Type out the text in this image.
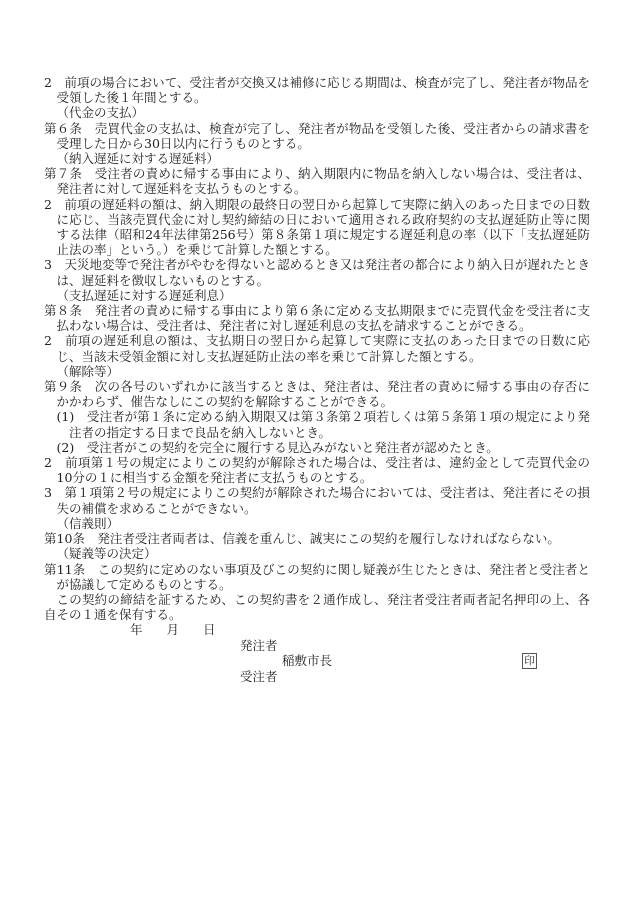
2　前項の場合において、受注者が交換又は補修に応じる期間は、検査が完了し、発注者が物品を受領した後１年間とする。

（代金の支払）

第６条　売買代金の支払は、検査が完了し、発注者が物品を受領した後、受注者からの請求書を受理した日から30日以内に行うものとする。

（納入遅延に対する遅延料）

第７条　受注者の責めに帰する事由により、納入期限内に物品を納入しない場合は、受注者は、発注者に対して遅延料を支払うものとする。

2　前項の遅延料の額は、納入期限の最終日の翌日から起算して実際に納入のあった日までの日数に応じ、当該売買代金に対し契約締結の日において適用される政府契約の支払遅延防止等に関する法律（昭和24年法律第256号）第８条第１項に規定する遅延利息の率（以下「支払遅延防止法の率」という。）を乗じて計算した額とする。

3　天災地変等で発注者がやむを得ないと認めるとき又は発注者の都合により納入日が遅れたときは、遅延料を徴収しないものとする。

（支払遅延に対する遅延利息）

第８条　発注者の責めに帰する事由により第６条に定める支払期限までに売買代金を受注者に支払わない場合は、受注者は、発注者に対し遅延利息の支払を請求することができる。

2　前項の遅延利息の額は、支払期日の翌日から起算して実際に支払のあった日までの日数に応じ、当該未受領金額に対し支払遅延防止法の率を乗じて計算した額とする。

（解除等）

第９条　次の各号のいずれかに該当するときは、発注者は、発注者の責めに帰する事由の存否にかかわらず、催告なしにこの契約を解除することができる。

(1)　受注者が第１条に定める納入期限又は第３条第２項若しくは第５条第１項の規定により発注者の指定する日まで良品を納入しないとき。

(2)　受注者がこの契約を完全に履行する見込みがないと発注者が認めたとき。

2　前項第１号の規定によりこの契約が解除された場合は、受注者は、違約金として売買代金の10分の１に相当する金額を発注者に支払うものとする。

3　第１項第２号の規定によりこの契約が解除された場合においては、受注者は、発注者にその損失の補償を求めることができない。

（信義則）

第10条　発注者受注者両者は、信義を重んじ、誠実にこの契約を履行しなければならない。

（疑義等の決定）

第11条　この契約に定めのない事項及びこの契約に関し疑義が生じたときは、発注者と受注者とが協議して定めるものとする。

この契約の締結を証するため、この契約書を２通作成し、発注者受注者両者記名押印の上、各自その１通を保有する。

年 月 日

発注者

稲敷市長	印

受注者
